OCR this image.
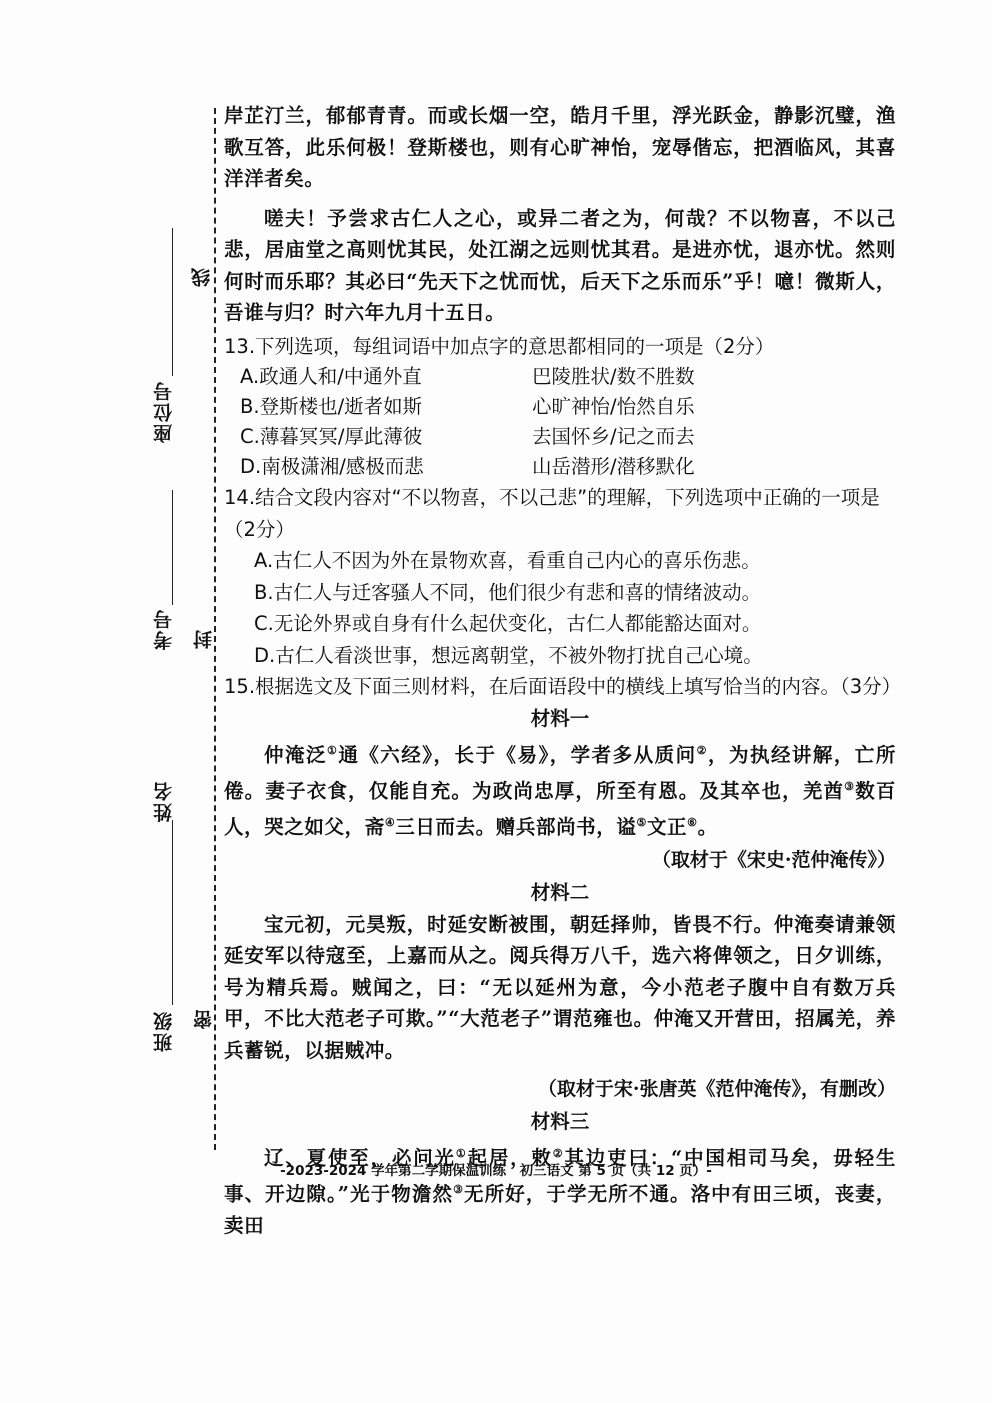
线
座位号
考号 封
姓名
班级 密

岸芷汀兰，郁郁青青。而或长烟一空，皓月千里，浮光跃金，静影沉璧，渔歌互答，此乐何极！登斯楼也，则有心旷神怡，宠辱偕忘，把酒临风，其喜洋洋者矣。

嗟夫！予尝求古仁人之心，或异二者之为，何哉？不以物喜，不以己悲，居庙堂之高则忧其民，处江湖之远则忧其君。是进亦忧，退亦忧。然则何时而乐耶？其必曰“先天下之忧而忧，后天下之乐而乐”乎！噫！微斯人，吾谁与归？时六年九月十五日。

13.下列选项，每组词语中加点字的意思都相同的一项是（2分）

A.政通人和/中通外直	巴陵胜状/数不胜数
B.登斯楼也/逝者如斯	心旷神怡/怡然自乐
C.薄暮冥冥/厚此薄彼	去国怀乡/记之而去
D.南极潇湘/感极而悲	山岳潜形/潜移默化

14.结合文段内容对“不以物喜，不以己悲”的理解，下列选项中正确的一项是（2分）

A.古仁人不因为外在景物欢喜，看重自己内心的喜乐伤悲。

B.古仁人与迁客骚人不同，他们很少有悲和喜的情绪波动。

C.无论外界或自身有什么起伏变化，古仁人都能豁达面对。

D.古仁人看淡世事，想远离朝堂，不被外物打扰自己心境。

15.根据选文及下面三则材料，在后面语段中的横线上填写恰当的内容。（3分）

材料一

仲淹泛①通《六经》，长于《易》，学者多从质问②，为执经讲解，亡所倦。妻子衣食，仅能自充。为政尚忠厚，所至有恩。及其卒也，羌酋③数百人，哭之如父，斋④三日而去。赠兵部尚书，谥⑤文正⑥。

（取材于《宋史·范仲淹传》）

材料二

宝元初，元昊叛，时延安断被围，朝廷择帅，皆畏不行。仲淹奏请兼领延安军以待寇至，上嘉而从之。阅兵得万八千，选六将俾领之，日夕训练，号为精兵焉。贼闻之，曰：“无以延州为意，今小范老子腹中自有数万兵甲，不比大范老子可欺。”“大范老子”谓范雍也。仲淹又开营田，招属羌，养兵蓄锐，以据贼冲。

（取材于宋·张唐英《范仲淹传》，有删改）

材料三

辽、夏使至，必问光①起居，敕②其边吏曰：“中国相司马矣，毋轻生事、开边隙。”光于物澹然③无所好，于学无所不通。洛中有田三顷，丧妻，卖田

-2023-2024 学年第二学期保温训练　初三语文 第 5 页（共 12 页）-
